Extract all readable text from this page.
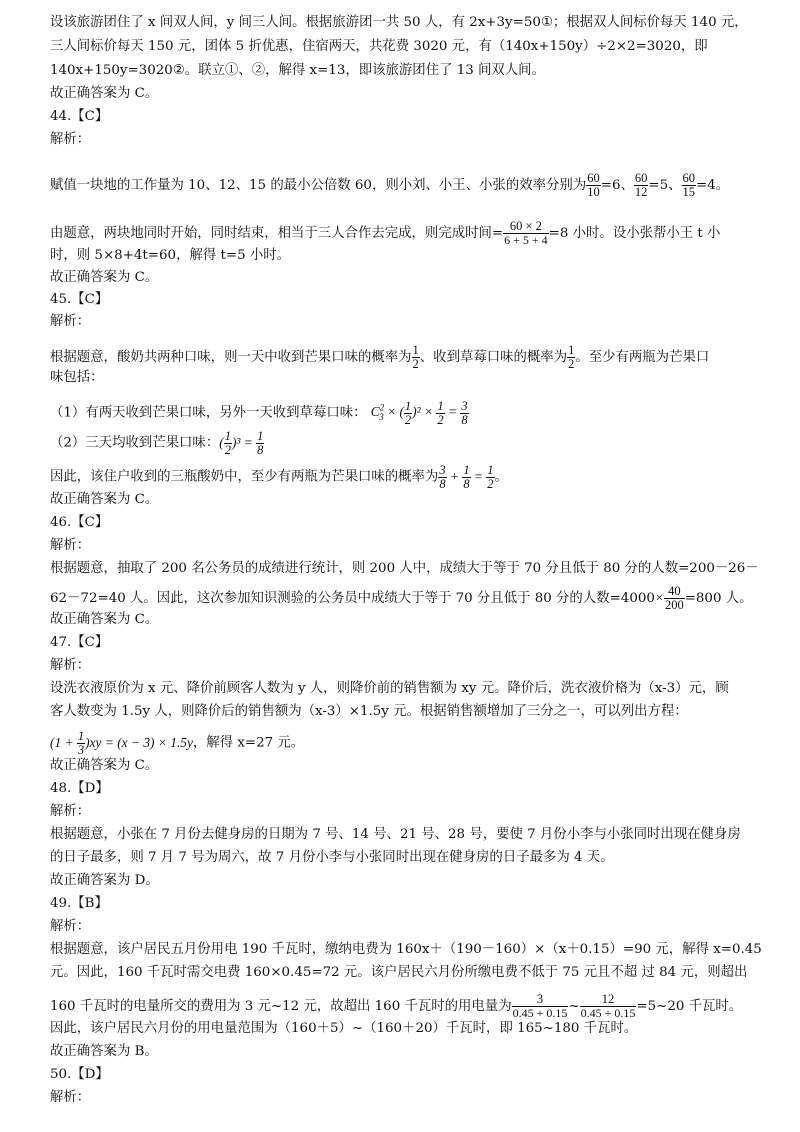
设该旅游团住了 x 间双人间，y 间三人间。根据旅游团一共 50 人，有 2x+3y=50①；根据双人间标价每天 140 元，
三人间标价每天 150 元，团体 5 折优惠，住宿两天，共花费 3020 元，有（140x+150y）÷2×2=3020，即
140x+150y=3020②。联立①、②，解得 x=13，即该旅游团住了 13 间双人间。
故正确答案为 C。
44.【C】
解析：
赋值一块地的工作量为 10、12、15 的最小公倍数 60，则小刘、小王、小张的效率分别为 $\frac{60}{10} =6$、 $\frac{60}{12} =5$、 $\frac{60}{15} =4$。
由题意，两块地同时开始，同时结束，相当于三人合作去完成，则完成时间= $\frac{60 \times 2}{6 + 5 + 4} =8$ 小时。设小张帮小王 t 小
时，则 5×8+4t=60，解得 t=5 小时。
故正确答案为 C。
45.【C】
解析：
根据题意，酸奶共两种口味，则一天中收到芒果口味的概率为 $\frac{1}{2}$ 、收到草莓口味的概率为 $\frac{1}{2}$ 。至少有两瓶为芒果口
味包括：
（1）有两天收到芒果口味，另外一天收到草莓口味： $C^2_3$ × ( $\frac{1}{2} )^2 \times \frac{1}{2} = \frac{3}{8}$
（2）三天均收到芒果口味：( $\frac{1}{2} )^3 = \frac{1}{8}$
因此，该住户收到的三瓶酸奶中，至少有两瓶为芒果口味的概率为 $\frac{3}{8} + \frac{1}{8} = \frac{1}{2}$ 。
故正确答案为 C。
46.【C】
解析：
根据题意，抽取了 200 名公务员的成绩进行统计，则 200 人中，成绩大于等于 70 分且低于 80 分的人数=200－26－
62－72=40 人。因此，这次参加知识测验的公务员中成绩大于等于 70 分且低于 80 分的人数$=4000\times \frac{40}{200} =800$ 人。
故正确答案为 C。
47.【C】
解析：
设洗衣液原价为 x 元、降价前顾客人数为 y 人，则降价前的销售额为 xy 元。降价后，洗衣液价格为（x-3）元，顾
客人数变为 1.5y 人，则降价后的销售额为（x-3）×1.5y 元。根据销售额增加了三分之一，可以列出方程：
$(1 + \frac{1}{3} )xy = (x - 3) \times 1.5y$，解得 x=27 元。
故正确答案为 C。
48.【D】
解析：
根据题意，小张在 7 月份去健身房的日期为 7 号、14 号、21 号、28 号，要使 7 月份小李与小张同时出现在健身房
的日子最多，则 7 月 7 号为周六，故 7 月份小李与小张同时出现在健身房的日子最多为 4 天。
故正确答案为 D。
49.【B】
解析：
根据题意，该户居民五月份用电 190 千瓦时，缴纳电费为 160x＋（190－160）×（x＋0.15）=90 元，解得 x=0.45
元。因此，160 千瓦时需交电费 160×0.45=72 元。该户居民六月份所缴电费不低于 75 元且不超 过 84 元，则超出
160 千瓦时的电量所交的费用为 3 元~12 元，故超出 160 千瓦时的用电量为 $\frac{3}{0.45 + 0.15}$ ~ $\frac{12}{0.45 + 0.15}$ =5~20 千瓦时。
因此，该户居民六月份的用电量范围为（160＋5）~（160＋20）千瓦时，即 165~180 千瓦时。
故正确答案为 B。
50.【D】
解析：
